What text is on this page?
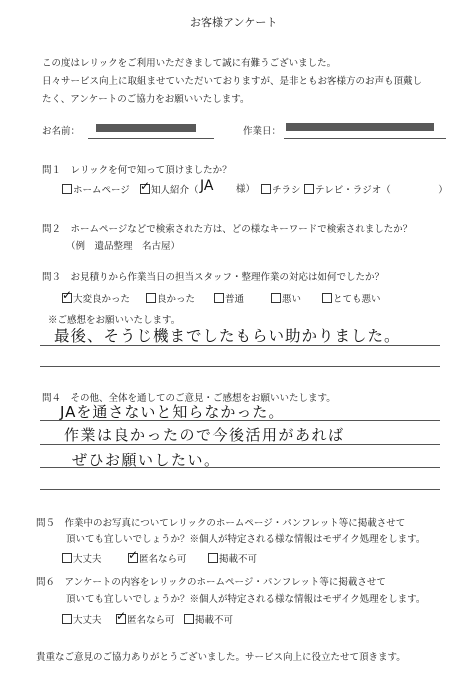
お客様アンケート
この度はレリックをご利用いただきまして誠に有難うございました。
日々サービス向上に取組ませていただいておりますが、是非ともお客様方のお声も頂戴し
たく、アンケートのご協力をお願いいたします。
お名前：	作業日：
問１　レリックを何で知って頂けましたか？
ホームページ ✓ 知人紹介（ JA 様）	チラシ	テレビ・ラジオ（　　　　　）
問２　ホームページなどで検索された方は、どの様なキーワードで検索されましたか？
（例　遺品整理　名古屋）
問３　お見積りから作業当日の担当スタッフ・整理作業の対応は如何でしたか？
✓ 大変良かった	良かった	普通	悪い	とても悪い
※ご感想をお願いいたします。
最後、そうじ機までしたもらい助かりました。
問４　その他、全体を通してのご意見・ご感想をお願いいたします。
JAを通さないと知らなかった。
作業は良かったので今後活用があれば
ぜひお願いしたい。
問５　作業中のお写真についてレリックのホームページ・パンフレット等に掲載させて
頂いても宜しいでしょうか？※個人が特定される様な情報はモザイク処理をします。
大丈夫 ✓ 匿名なら可	掲載不可
問６　アンケートの内容をレリックのホームページ・パンフレット等に掲載させて
頂いても宜しいでしょうか？※個人が特定される様な情報はモザイク処理をします。
大丈夫 ✓ 匿名なら可	掲載不可
貴重なご意見のご協力ありがとうございました。サービス向上に役立たせて頂きます。
